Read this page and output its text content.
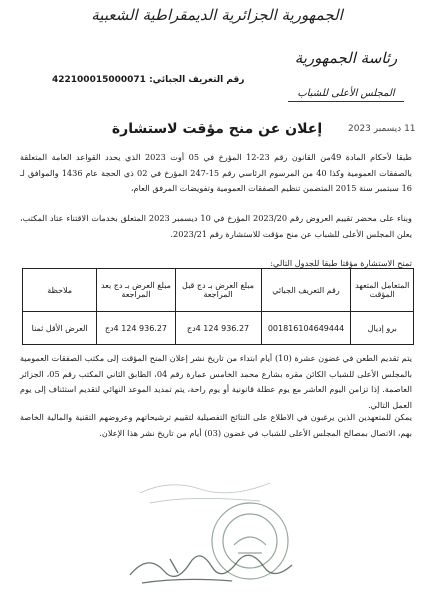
الجمهورية الجزائرية الديمقراطية الشعبية
رئاسة الجمهورية
المجلس الأعلى للشباب
رقم التعريف الجبائي: 422100015000071
11 ديسمبر 2023
إعلان عن منح مؤقت لاستشارة
طبقا لأحكام المادة 49من القانون رقم 23-12 المؤرخ في 05 أوت 2023 الذي يحدد القواعد العامة المتعلقة بالصفقات العمومية وكذا 40 من المرسوم الرئاسي رقم 15-247 المؤرخ في 02 ذي الحجة عام 1436 والموافق لـ 16 سبتمبر سنة 2015 المتضمن تنظيم الصفقات العمومية وتفويضات المرفق العام،
وبناء على محضر تقييم العروض رقم 2023/20 المؤرخ في 10 ديسمبر 2023 المتعلق بخدمات الاقتناء عتاد المكتب، يعلن المجلس الأعلى للشباب عن منح مؤقت للاستشارة رقم 2023/21.
تمنح الاستشارة مؤقتا طبقا للجدول التالي:
المتعامل المتعهد المؤقت	رقم التعريف الجبائي	مبلغ العرض بـ دج قبل المراجعة	مبلغ العرض بـ دج بعد المراجعة	ملاحظة
برو إديال	001816104649444	936.27 124 4دج	936.27 124 4دج	العرض الأقل ثمنا
يتم تقديم الطعن في غضون عشرة (10) أيام ابتداء من تاريخ نشر إعلان المنح المؤقت إلى مكتب الصفقات العمومية بالمجلس الأعلى للشباب الكائن مقره بشارع محمد الخامس عمارة رقم 04، الطابق الثاني المكتب رقم 05، الجزائر العاصمة. إذا تزامن اليوم العاشر مع يوم عطلة قانونية أو يوم راحة، يتم تمديد الموعد النهائي لتقديم استئناف إلى يوم العمل التالي.
يمكن للمتعهدين الذين يرغبون في الاطلاع على النتائج التفصيلية لتقييم ترشيحاتهم وعروضهم التقنية والمالية الخاصة بهم، الاتصال بمصالح المجلس الأعلى للشباب في غضون (03) أيام من تاريخ نشر هذا الإعلان.
